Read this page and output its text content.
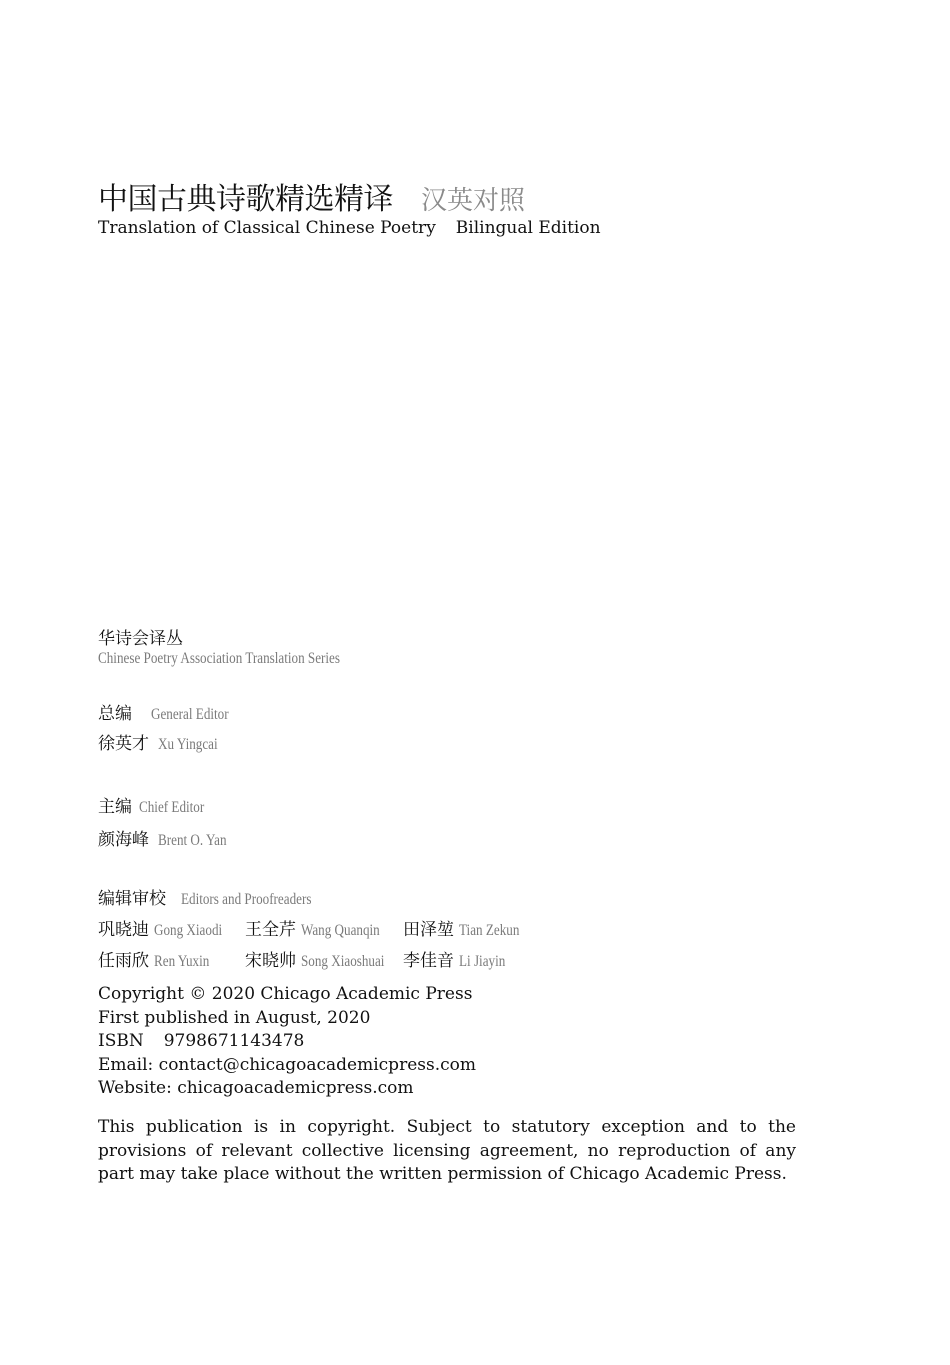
中国古典诗歌精选精译 汉英对照
Translation of Classical Chinese Poetry Bilingual Edition
华诗会译丛
Chinese Poetry Association Translation Series
总编 General Editor
徐英才 Xu Yingcai
主编 Chief Editor
颜海峰 Brent O. Yan
编辑审校 Editors and Proofreaders
巩晓迪 Gong Xiaodi	王全芹 Wang Quanqin	田泽堃 Tian Zekun
任雨欣 Ren Yuxin	宋晓帅 Song Xiaoshuai	李佳音 Li Jiayin
Copyright © 2020 Chicago Academic Press
First published in August, 2020
ISBN 9798671143478
Email: contact@chicagoacademicpress.com
Website: chicagoacademicpress.com
This publication is in copyright. Subject to statutory exception and to the provisions of relevant collective licensing agreement, no reproduction of any part may take place without the written permission of Chicago Academic Press.
